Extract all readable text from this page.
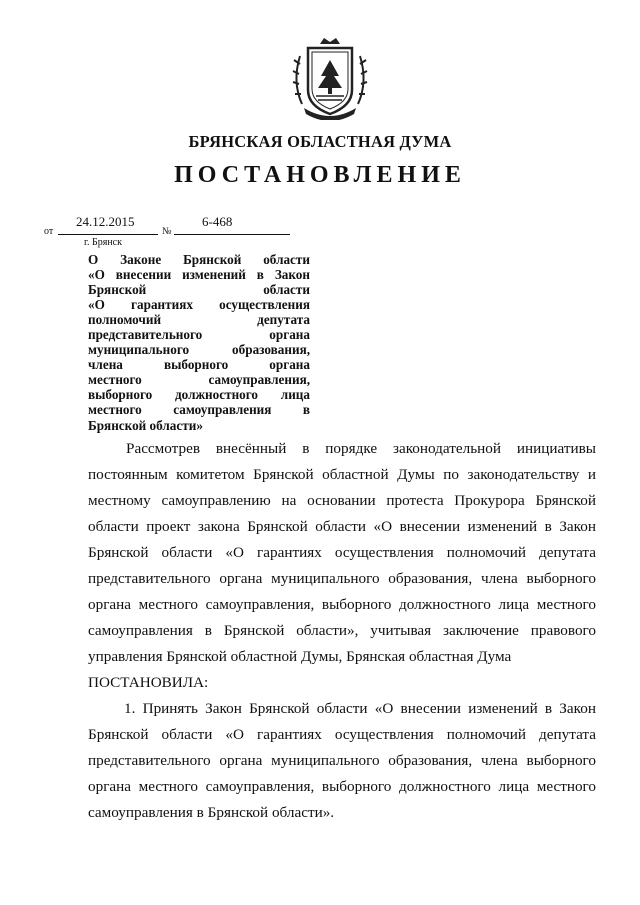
БРЯНСКАЯ ОБЛАСТНАЯ ДУМА
ПОСТАНОВЛЕНИЕ
от
24.12.2015
№
6-468
г. Брянск
О Законе Брянской области
«О внесении изменений в Закон
Брянской области
«О гарантиях осуществления
полномочий депутата
представительного органа
муниципального образования,
члена выборного органа
местного самоуправления,
выборного должностного лица
местного самоуправления в
Брянской области»
Рассмотрев внесённый в порядке законодательной инициативы
постоянным комитетом Брянской областной Думы по законодательству и
местному самоуправлению на основании протеста Прокурора Брянской
области проект закона Брянской области «О внесении изменений в Закон
Брянской области «О гарантиях осуществления полномочий депутата
представительного органа муниципального образования, члена выборного
органа местного самоуправления, выборного должностного лица местного
самоуправления в Брянской области», учитывая заключение правового
управления Брянской областной Думы, Брянская областная Дума
ПОСТАНОВИЛА:
1. Принять Закон Брянской области «О внесении изменений в Закон
Брянской области «О гарантиях осуществления полномочий депутата
представительного органа муниципального образования, члена выборного
органа местного самоуправления, выборного должностного лица местного
самоуправления в Брянской области».
